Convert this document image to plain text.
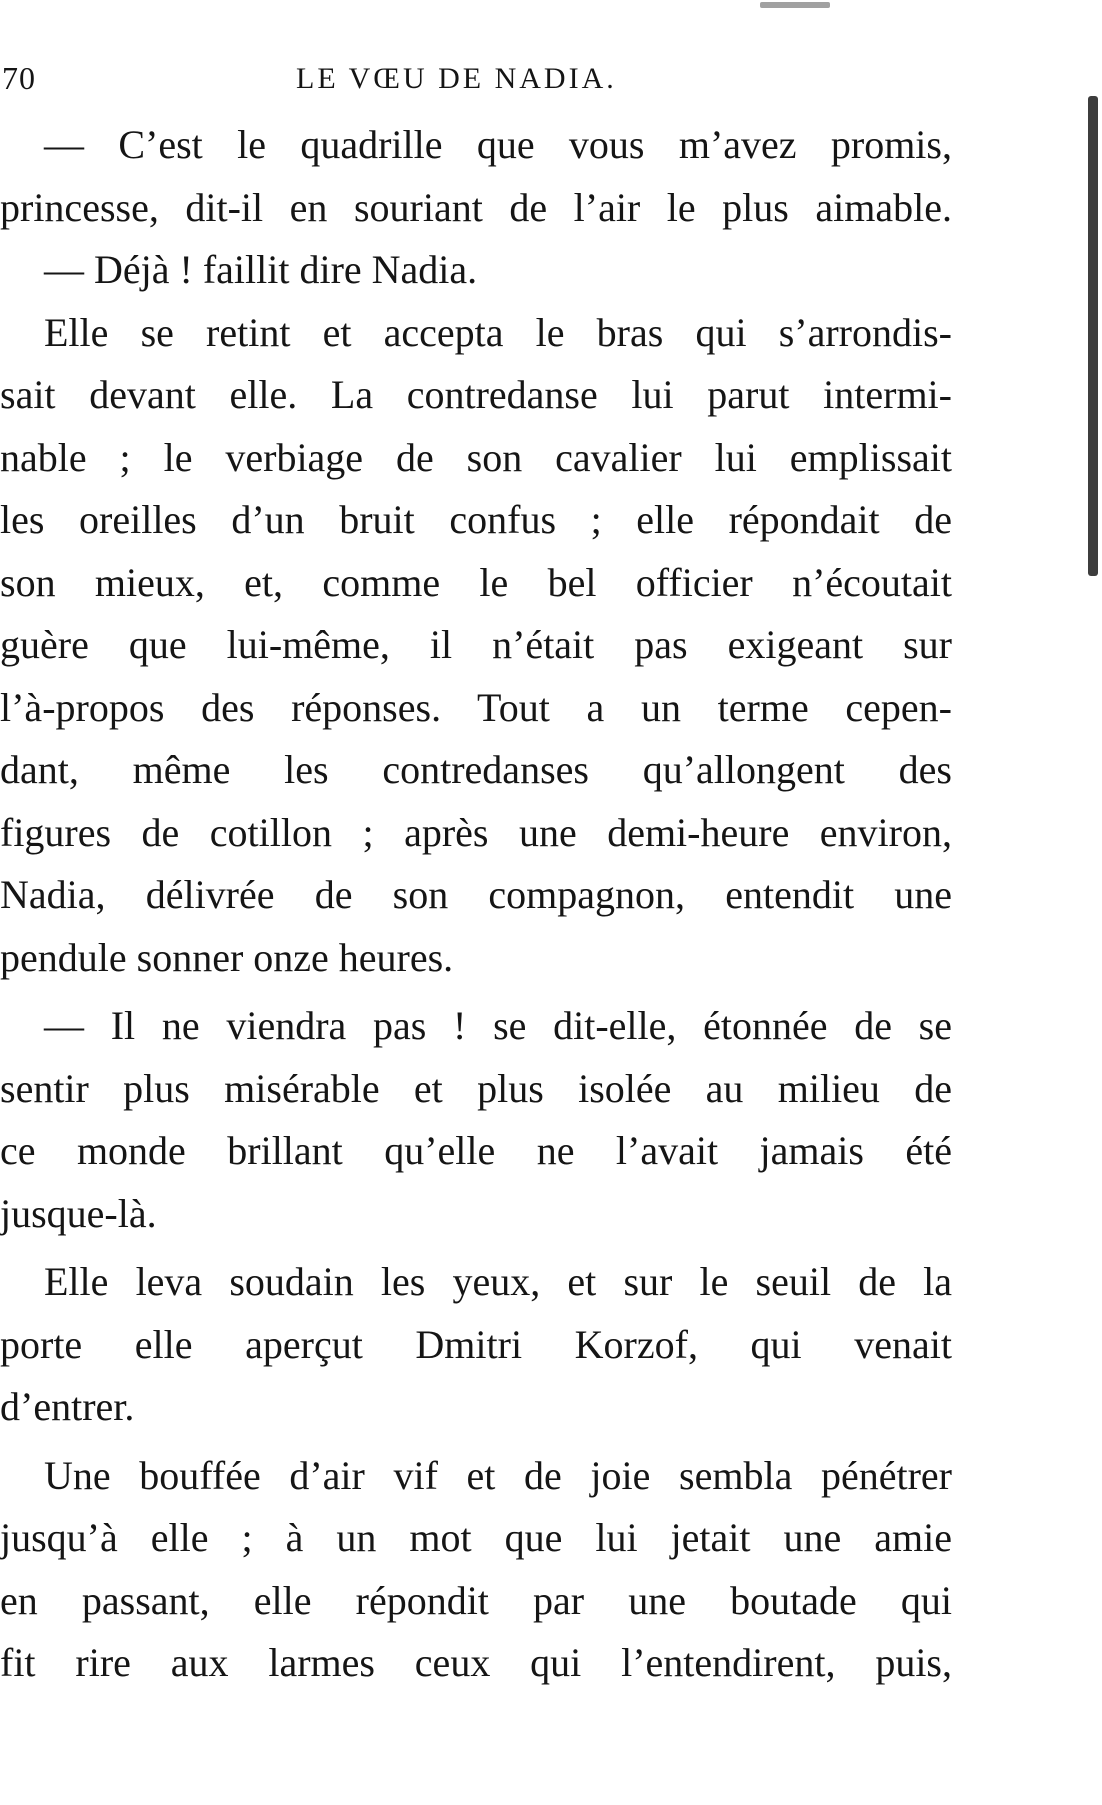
70	LE VŒU DE NADIA.
— C’est le quadrille que vous m’avez promis,
princesse, dit-il en souriant de l’air le plus aimable.
— Déjà ! faillit dire Nadia.
Elle se retint et accepta le bras qui s’arrondis-
sait devant elle. La contredanse lui parut intermi-
nable ; le verbiage de son cavalier lui emplissait
les oreilles d’un bruit confus ; elle répondait de
son mieux, et, comme le bel officier n’écoutait
guère que lui-même, il n’était pas exigeant sur
l’à-propos des réponses. Tout a un terme cepen-
dant, même les contredanses qu’allongent des
figures de cotillon ; après une demi-heure environ,
Nadia, délivrée de son compagnon, entendit une
pendule sonner onze heures.
— Il ne viendra pas ! se dit-elle, étonnée de se
sentir plus misérable et plus isolée au milieu de
ce monde brillant qu’elle ne l’avait jamais été
jusque-là.
Elle leva soudain les yeux, et sur le seuil de la
porte elle aperçut Dmitri Korzof, qui venait
d’entrer.
Une bouffée d’air vif et de joie sembla pénétrer
jusqu’à elle ; à un mot que lui jetait une amie
en passant, elle répondit par une boutade qui
fit rire aux larmes ceux qui l’entendirent, puis,
